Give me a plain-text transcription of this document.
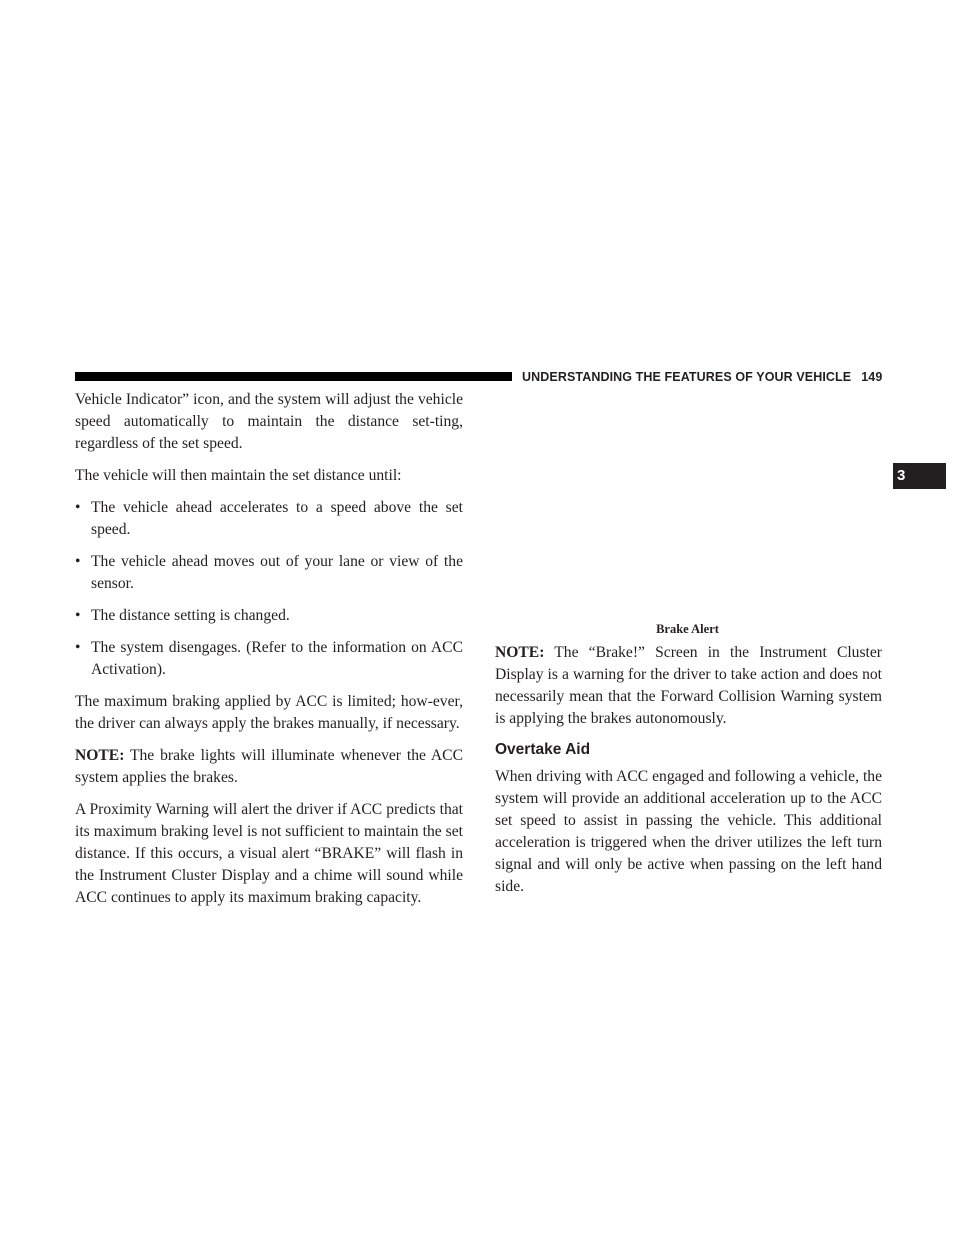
UNDERSTANDING THE FEATURES OF YOUR VEHICLE 149
3

Vehicle Indicator” icon, and the system will adjust the vehicle speed automatically to maintain the distance set-ting, regardless of the set speed.

The vehicle will then maintain the set distance until:

• The vehicle ahead accelerates to a speed above the set speed.
• The vehicle ahead moves out of your lane or view of the sensor.
• The distance setting is changed.
• The system disengages. (Refer to the information on ACC Activation).

The maximum braking applied by ACC is limited; how-ever, the driver can always apply the brakes manually, if necessary.

NOTE: The brake lights will illuminate whenever the ACC system applies the brakes.

A Proximity Warning will alert the driver if ACC predicts that its maximum braking level is not sufficient to maintain the set distance. If this occurs, a visual alert “BRAKE” will flash in the Instrument Cluster Display and a chime will sound while ACC continues to apply its maximum braking capacity.

Brake Alert

NOTE: The “Brake!” Screen in the Instrument Cluster Display is a warning for the driver to take action and does not necessarily mean that the Forward Collision Warning system is applying the brakes autonomously.

Overtake Aid

When driving with ACC engaged and following a vehicle, the system will provide an additional acceleration up to the ACC set speed to assist in passing the vehicle. This additional acceleration is triggered when the driver utilizes the left turn signal and will only be active when passing on the left hand side.
